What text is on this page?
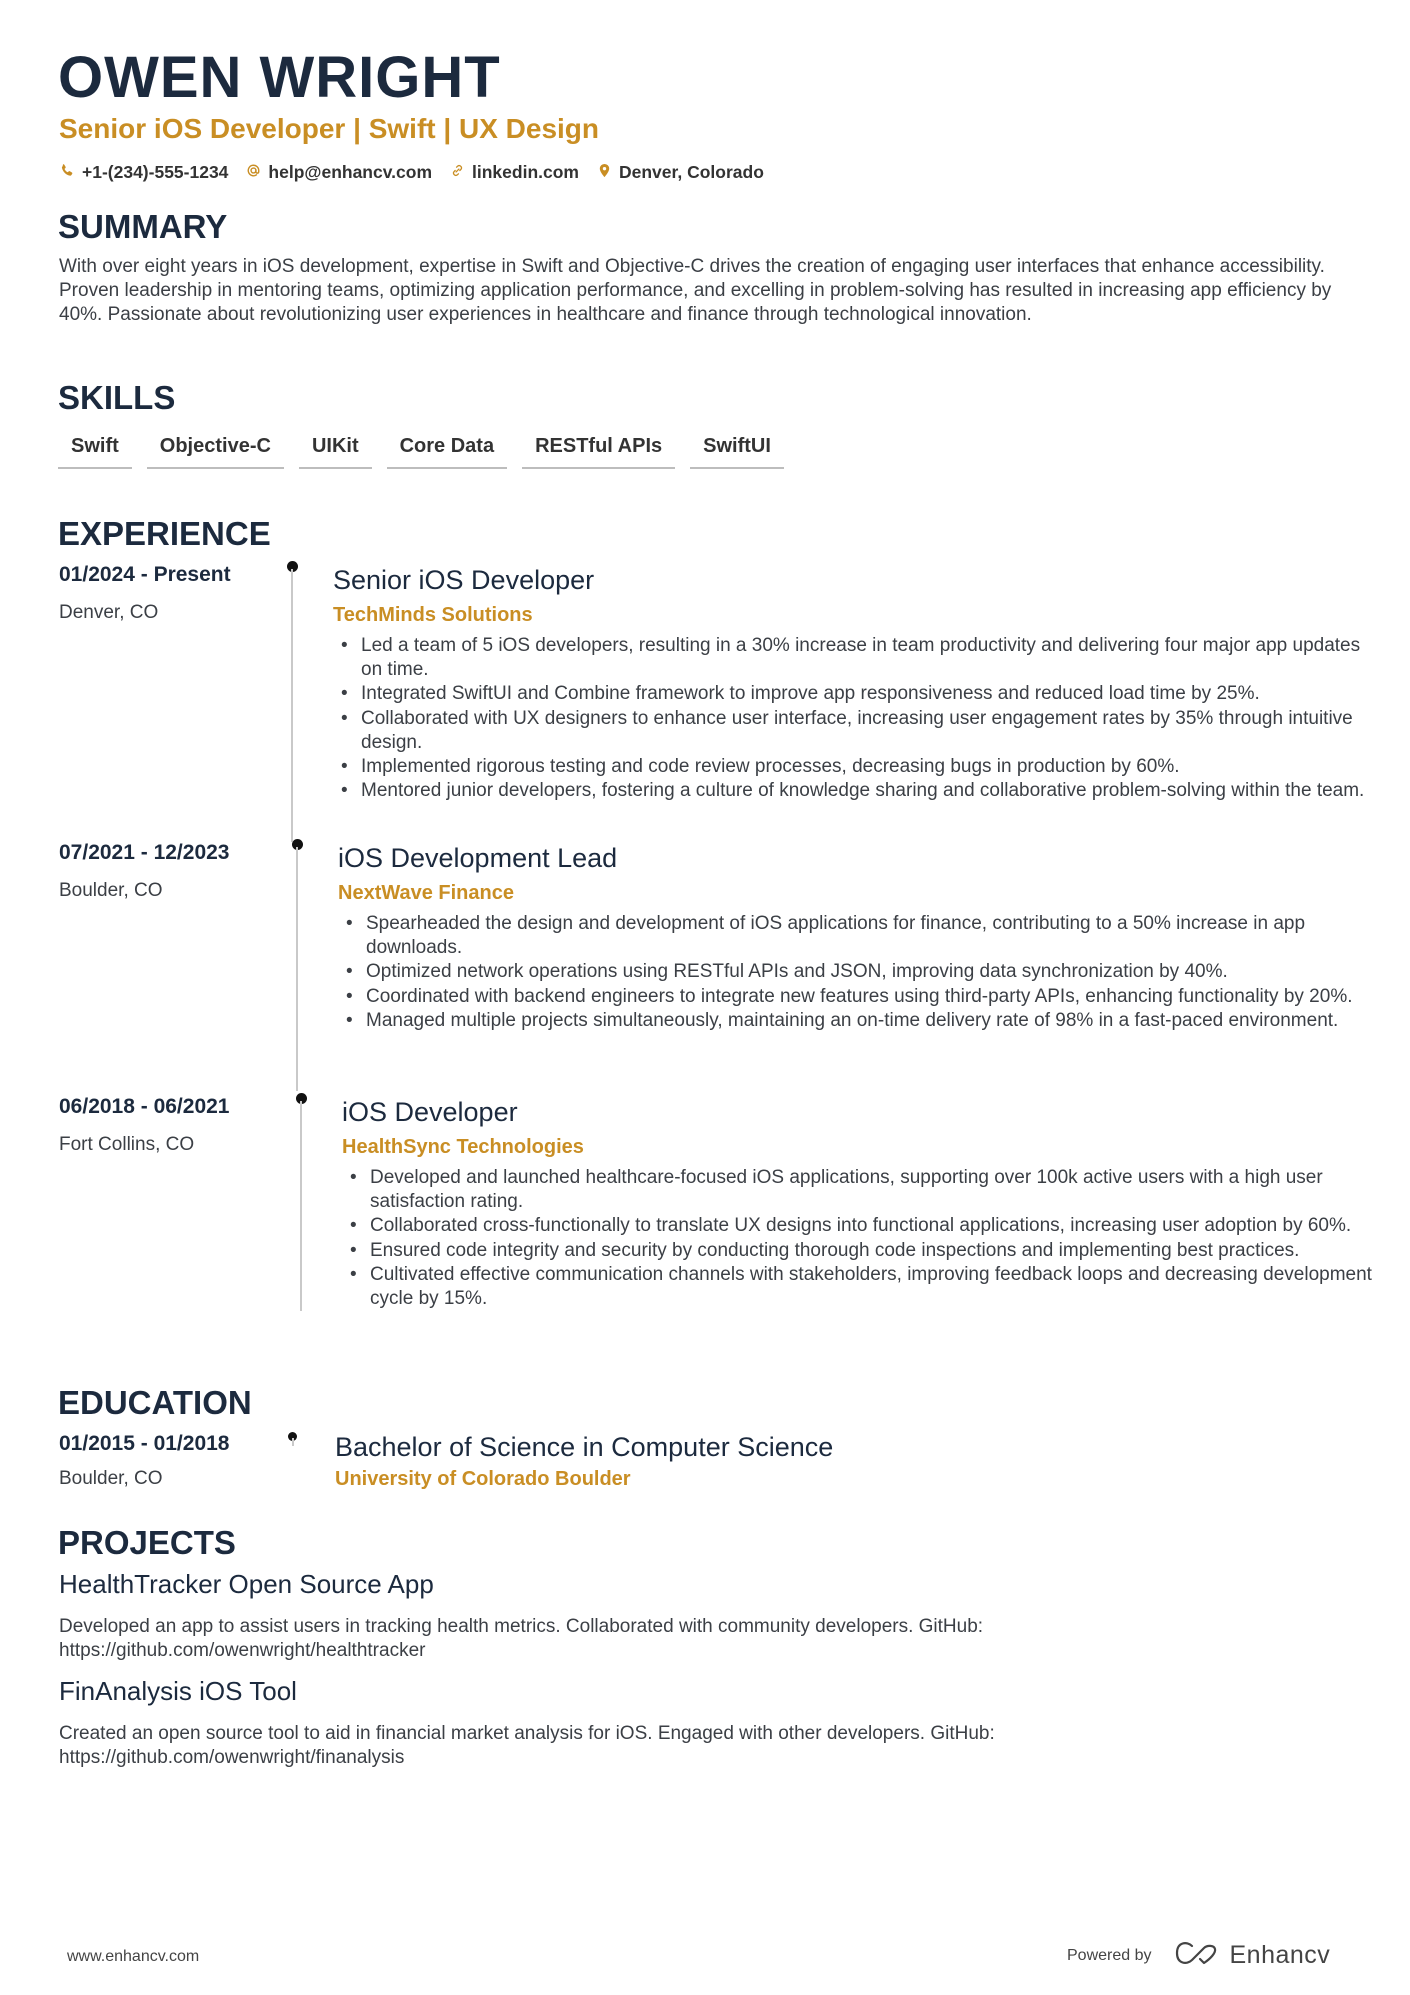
OWEN WRIGHT
Senior iOS Developer | Swift | UX Design
+1-(234)-555-1234 help@enhancv.com linkedin.com Denver, Colorado
SUMMARY
With over eight years in iOS development, expertise in Swift and Objective-C drives the creation of engaging user interfaces that enhance accessibility. Proven leadership in mentoring teams, optimizing application performance, and excelling in problem-solving has resulted in increasing app efficiency by 40%. Passionate about revolutionizing user experiences in healthcare and finance through technological innovation.
SKILLS
Swift	Objective-C	UIKit	Core Data	RESTful APIs	SwiftUI
EXPERIENCE
01/2024 - Present
Denver, CO
Senior iOS Developer
TechMinds Solutions
• Led a team of 5 iOS developers, resulting in a 30% increase in team productivity and delivering four major app updates on time.
• Integrated SwiftUI and Combine framework to improve app responsiveness and reduced load time by 25%.
• Collaborated with UX designers to enhance user interface, increasing user engagement rates by 35% through intuitive design.
• Implemented rigorous testing and code review processes, decreasing bugs in production by 60%.
• Mentored junior developers, fostering a culture of knowledge sharing and collaborative problem-solving within the team.
07/2021 - 12/2023
Boulder, CO
iOS Development Lead
NextWave Finance
• Spearheaded the design and development of iOS applications for finance, contributing to a 50% increase in app downloads.
• Optimized network operations using RESTful APIs and JSON, improving data synchronization by 40%.
• Coordinated with backend engineers to integrate new features using third-party APIs, enhancing functionality by 20%.
• Managed multiple projects simultaneously, maintaining an on-time delivery rate of 98% in a fast-paced environment.
06/2018 - 06/2021
Fort Collins, CO
iOS Developer
HealthSync Technologies
• Developed and launched healthcare-focused iOS applications, supporting over 100k active users with a high user satisfaction rating.
• Collaborated cross-functionally to translate UX designs into functional applications, increasing user adoption by 60%.
• Ensured code integrity and security by conducting thorough code inspections and implementing best practices.
• Cultivated effective communication channels with stakeholders, improving feedback loops and decreasing development cycle by 15%.
EDUCATION
01/2015 - 01/2018
Boulder, CO
Bachelor of Science in Computer Science
University of Colorado Boulder
PROJECTS
HealthTracker Open Source App
Developed an app to assist users in tracking health metrics. Collaborated with community developers. GitHub: https://github.com/owenwright/healthtracker
FinAnalysis iOS Tool
Created an open source tool to aid in financial market analysis for iOS. Engaged with other developers. GitHub: https://github.com/owenwright/finanalysis
www.enhancv.com	Powered by	Enhancv
